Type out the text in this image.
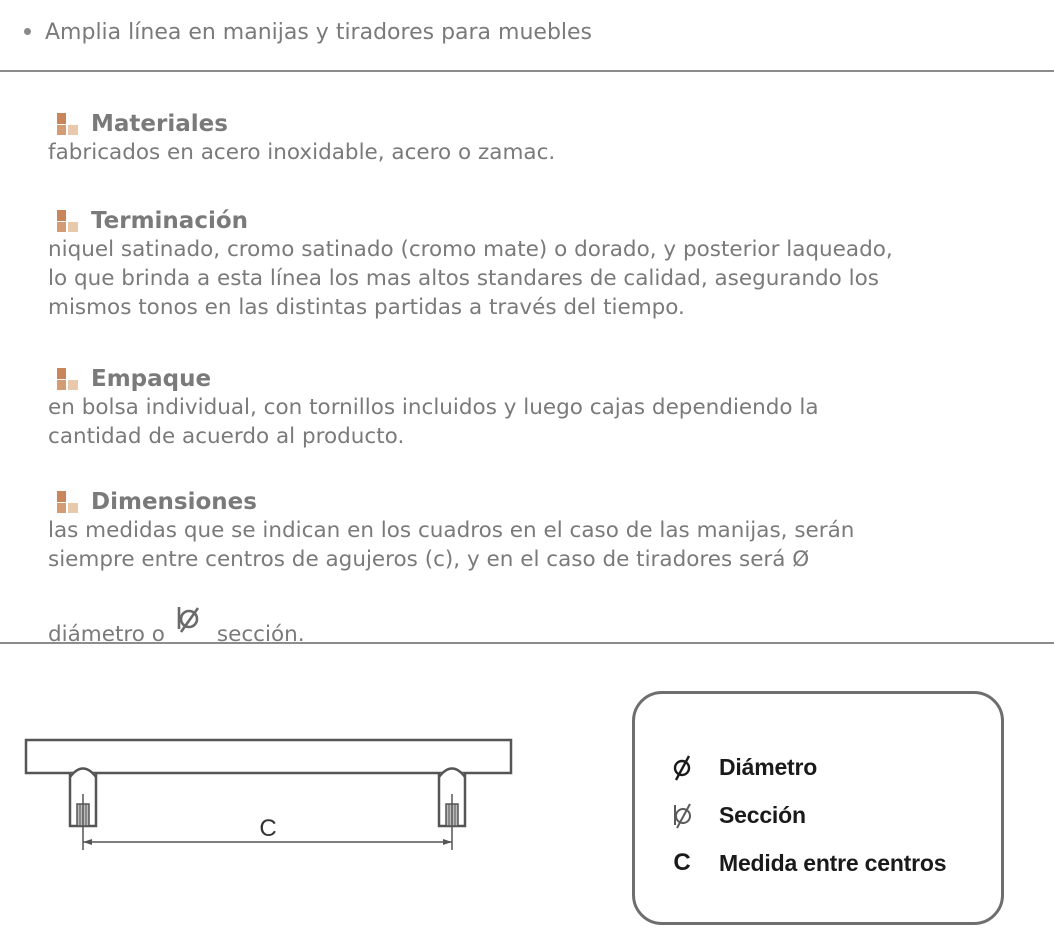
Amplia línea en manijas y tiradores para muebles
Materiales
fabricados en acero inoxidable, acero o zamac.
Terminación
niquel satinado, cromo satinado (cromo mate) o dorado, y posterior laqueado,
lo que brinda a esta línea los mas altos standares de calidad, asegurando los
mismos tonos en las distintas partidas a través del tiempo.
Empaque
en bolsa individual, con tornillos incluidos y luego cajas dependiendo la
cantidad de acuerdo al producto.
Dimensiones
las medidas que se indican en los cuadros en el caso de las manijas, serán
siempre entre centros de agujeros (c), y en el caso de tiradores será Ø

diámetro o sección.

C
Diámetro
Sección
C Medida entre centros
